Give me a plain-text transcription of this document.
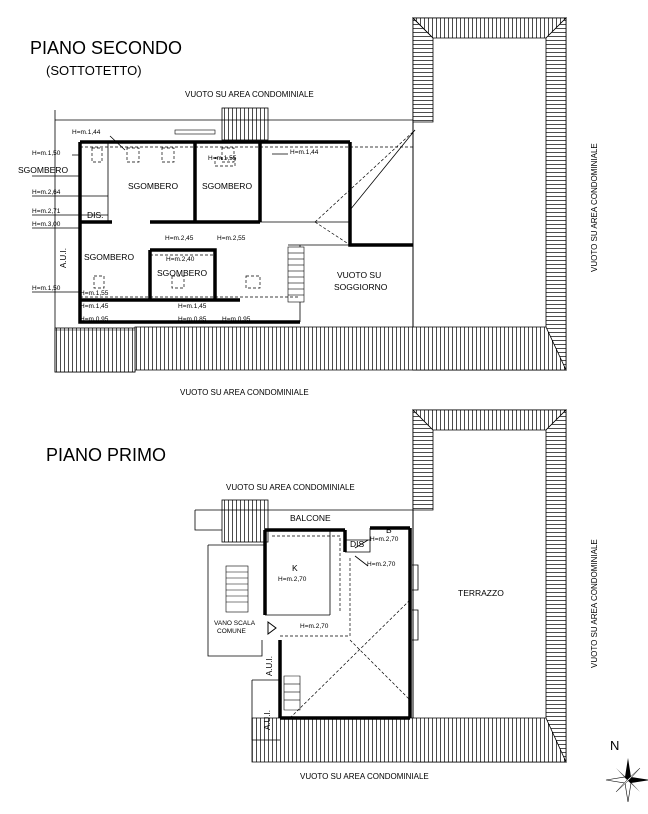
PIANO SECONDO
(SOTTOTETTO)
VUOTO SU AREA CONDOMINIALE
VUOTO SU AREA CONDOMINIALE
VUOTO SU AREA CONDOMINIALE
SGOMBERO
SGOMBERO	SGOMBERO
SGOMBERO
SGOMBERO
DIS.
VUOTO SU
SOGGIORNO
A.U.I.
H=m.1,44
H=m.1,50
H=m.1,55
H=m.1,44
H=m.2,64
H=m.2,71
H=m.3,00
H=m.2,45	H=m.2,55
H=m.2,40
H=m.1,50
H=m.1,55
H=m.1,45
H=m.0,95
H=m.1,45
H=m.0,85 H=m.0,95
PIANO PRIMO
VUOTO SU AREA CONDOMINIALE
VUOTO SU AREA CONDOMINIALE
VUOTO SU AREA CONDOMINIALE
BALCONE
B
DIS
K
TERRAZZO
VANO SCALA
COMUNE
A.U.I.
A.U.I.
H=m.2,70
H=m.2,70
H=m.2,70
H=m.2,70
N
